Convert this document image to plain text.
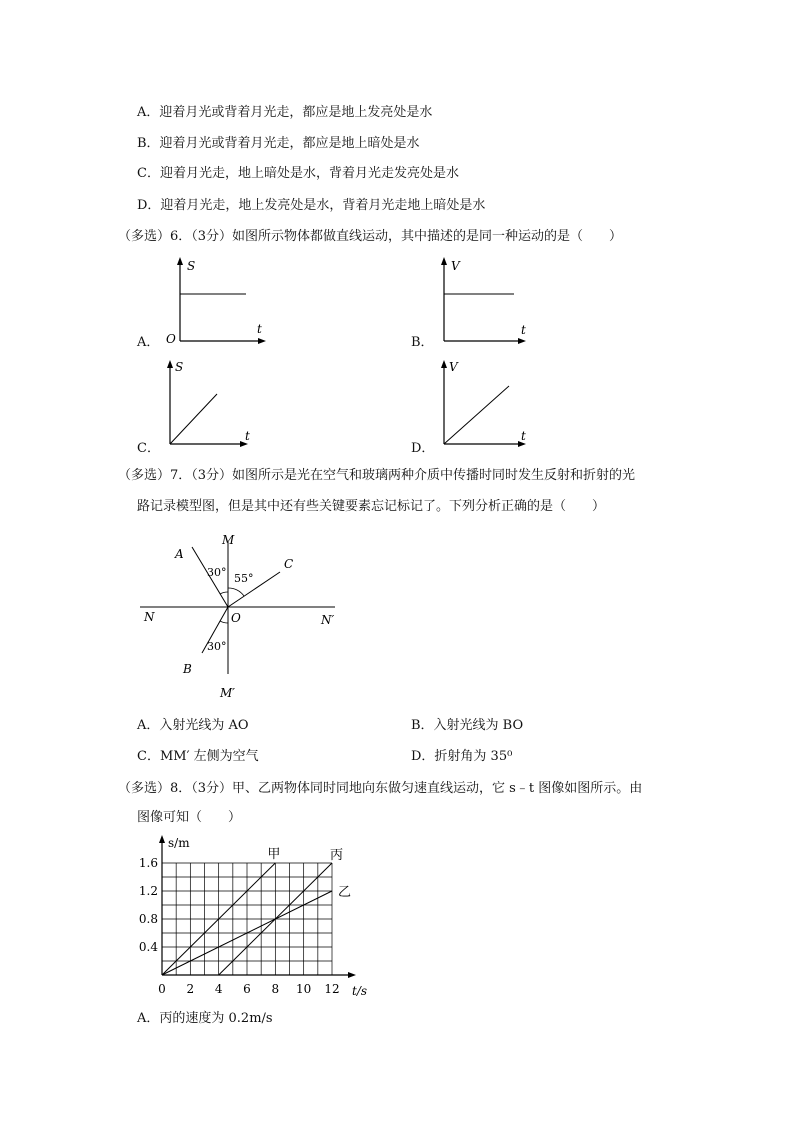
A．迎着月光或背着月光走，都应是地上发亮处是水
B．迎着月光或背着月光走，都应是地上暗处是水
C．迎着月光走，地上暗处是水，背着月光走发亮处是水
D．迎着月光走，地上发亮处是水，背着月光走地上暗处是水
（多选）6．（3分）如图所示物体都做直线运动，其中描述的是同一种运动的是（　　）
A．
S
t
O	B．
V
t
C．
S
t
D．
V
t
（多选）7．（3分）如图所示是光在空气和玻璃两种介质中传播时同时发生反射和折射的光
路记录模型图，但是其中还有些关键要素忘记标记了。下列分析正确的是（　　）
A
M
C
N	O	N′
B
M′
30° 55°
30°
A．入射光线为 AO	B．入射光线为 BO
C．MM′ 左侧为空气	D．折射角为 35⁰
（多选）8．（3分）甲、乙两物体同时同地向东做匀速直线运动，它 s﹣t 图像如图所示。由
图像可知（　　）
0 2 4 6 8 10 12
0.4
0.8
1.2
1.6
s/m
t/s
甲	丙
乙
A．丙的速度为 0.2m/s
